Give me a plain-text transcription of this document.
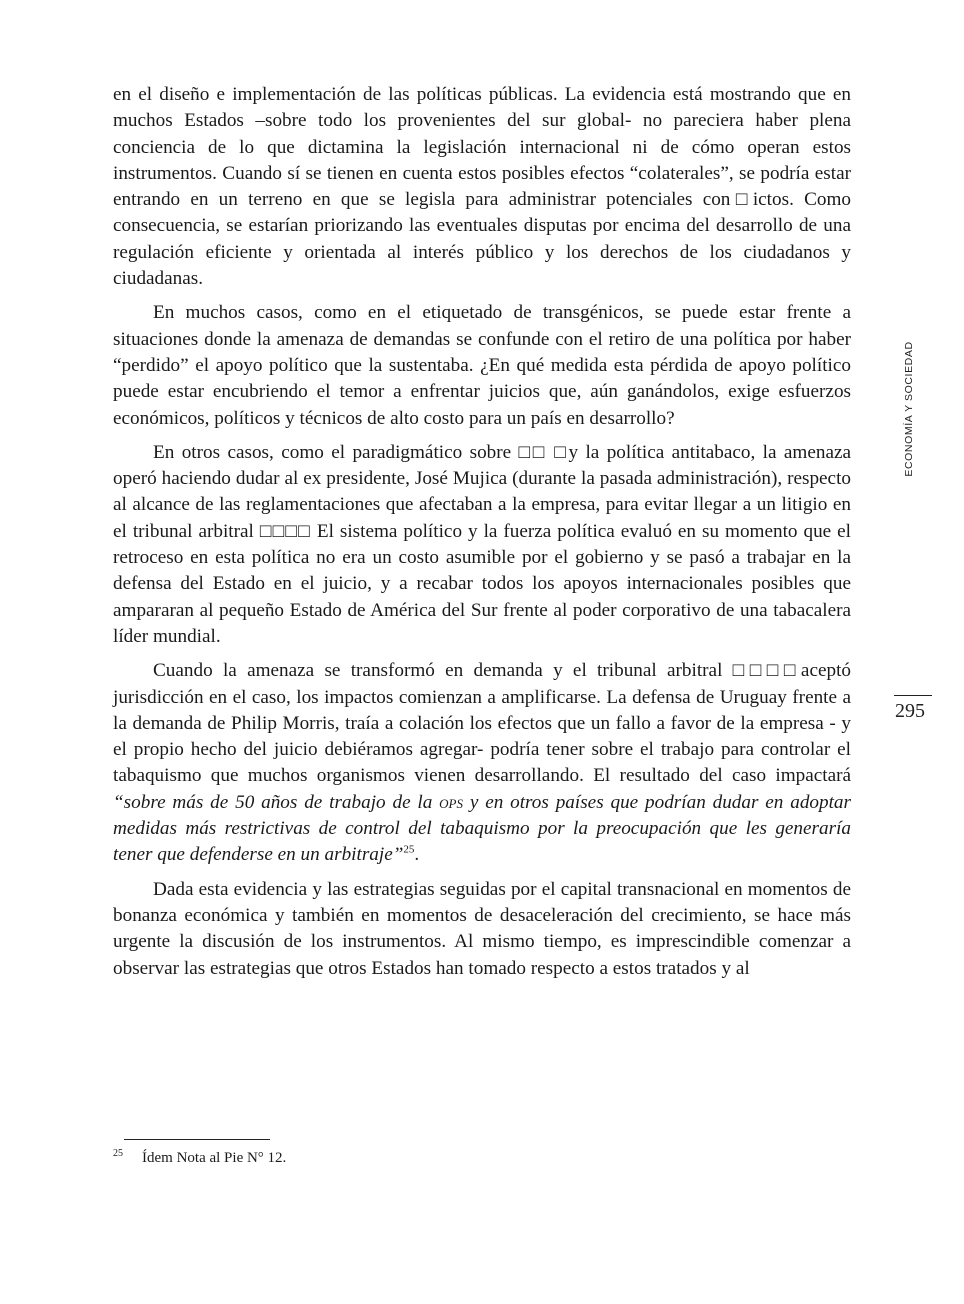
en el diseño e implementación de las políticas públicas. La evidencia está mostrando que en muchos Estados –sobre todo los provenientes del sur global- no pareciera haber plena conciencia de lo que dictamina la legislación internacional ni de cómo operan estos instrumentos. Cuando sí se tienen en cuenta estos posibles efectos “colaterales”, se podría estar entrando en un terreno en que se legisla para administrar potenciales con□ictos. Como consecuencia, se estarían priorizando las eventuales disputas por encima del desarrollo de una regulación eficiente y orientada al interés público y los derechos de los ciudadanos y ciudadanas.

En muchos casos, como en el etiquetado de transgénicos, se puede estar frente a situaciones donde la amenaza de demandas se confunde con el retiro de una política por haber “perdido” el apoyo político que la sustentaba. ¿En qué medida esta pérdida de apoyo político puede estar encubriendo el temor a enfrentar juicios que, aún ganándolos, exige esfuerzos económicos, políticos y técnicos de alto costo para un país en desarrollo?

En otros casos, como el paradigmático sobre □□ □y la política antitabaco, la amenaza operó haciendo dudar al ex presidente, José Mujica (durante la pasada administración), respecto al alcance de las reglamentaciones que afectaban a la empresa, para evitar llegar a un litigio en el tribunal arbitral □□□□ El sistema político y la fuerza política evaluó en su momento que el retroceso en esta política no era un costo asumible por el gobierno y se pasó a trabajar en la defensa del Estado en el juicio, y a recabar todos los apoyos internacionales posibles que ampararan al pequeño Estado de América del Sur frente al poder corporativo de una tabacalera líder mundial.

Cuando la amenaza se transformó en demanda y el tribunal arbitral □□□□aceptó jurisdicción en el caso, los impactos comienzan a amplificarse. La defensa de Uruguay frente a la demanda de Philip Morris, traía a colación los efectos que un fallo a favor de la empresa - y el propio hecho del juicio debiéramos agregar- podría tener sobre el trabajo para controlar el tabaquismo que muchos organismos vienen desarrollando. El resultado del caso impactará “sobre más de 50 años de trabajo de la ops y en otros países que podrían dudar en adoptar medidas más restrictivas de control del tabaquismo por la preocupación que les generaría tener que defenderse en un arbitraje”$^{25}$.

Dada esta evidencia y las estrategias seguidas por el capital transnacional en momentos de bonanza económica y también en momentos de desaceleración del crecimiento, se hace más urgente la discusión de los instrumentos. Al mismo tiempo, es imprescindible comenzar a observar las estrategias que otros Estados han tomado respecto a estos tratados y al

ECONOMÍA Y SOCIEDAD
295
$^{25}$ Ídem Nota al Pie N° 12.
